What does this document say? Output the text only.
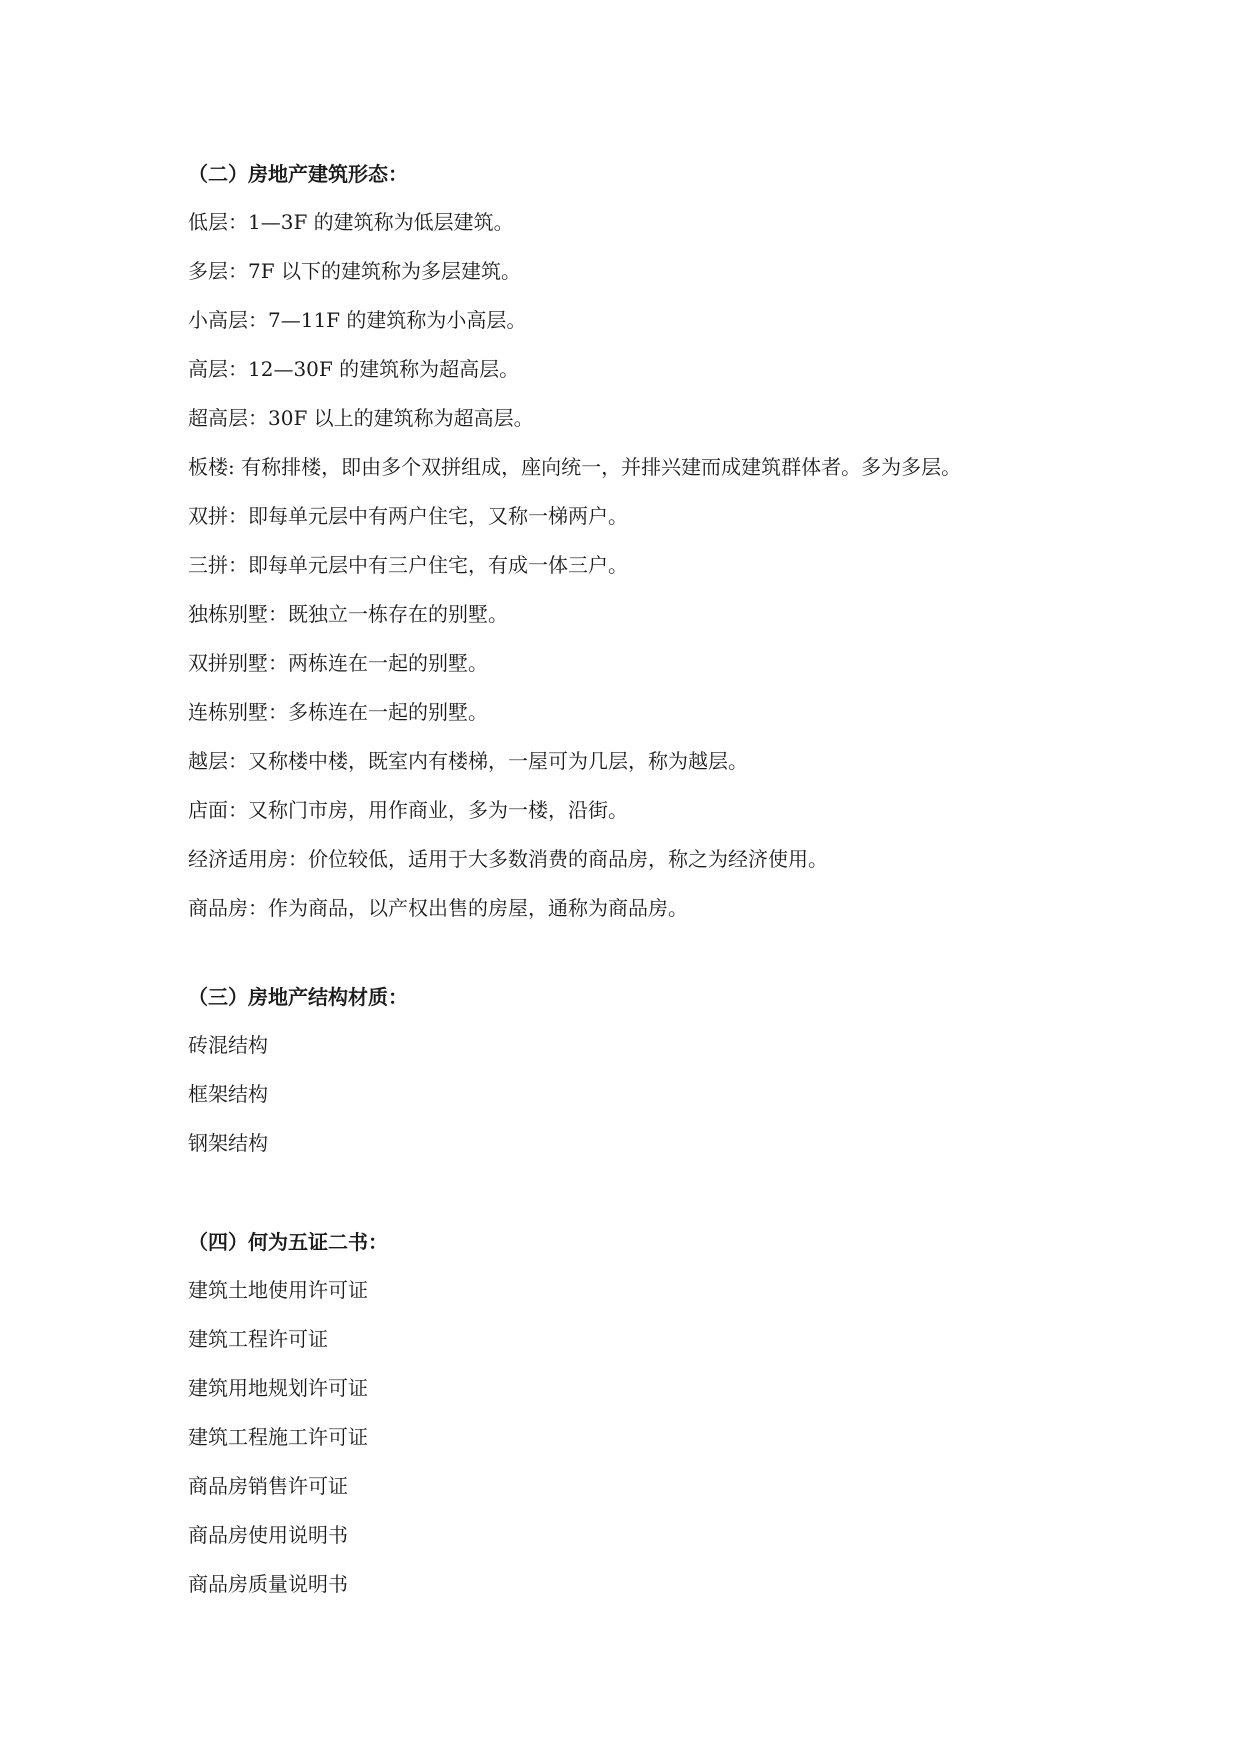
（二）房地产建筑形态：
低层：1—3F 的建筑称为低层建筑。
多层：7F 以下的建筑称为多层建筑。
小高层：7—11F 的建筑称为小高层。
高层：12—30F 的建筑称为超高层。
超高层：30F 以上的建筑称为超高层。
板楼: 有称排楼，即由多个双拼组成，座向统一，并排兴建而成建筑群体者。多为多层。
双拼：即每单元层中有两户住宅，又称一梯两户。
三拼：即每单元层中有三户住宅，有成一体三户。
独栋别墅：既独立一栋存在的别墅。
双拼别墅：两栋连在一起的别墅。
连栋别墅：多栋连在一起的别墅。
越层：又称楼中楼，既室内有楼梯，一屋可为几层，称为越层。
店面：又称门市房，用作商业，多为一楼，沿街。
经济适用房：价位较低，适用于大多数消费的商品房，称之为经济使用。
商品房：作为商品，以产权出售的房屋，通称为商品房。
（三）房地产结构材质：
砖混结构
框架结构
钢架结构
（四）何为五证二书：
建筑土地使用许可证
建筑工程许可证
建筑用地规划许可证
建筑工程施工许可证
商品房销售许可证
商品房使用说明书
商品房质量说明书
